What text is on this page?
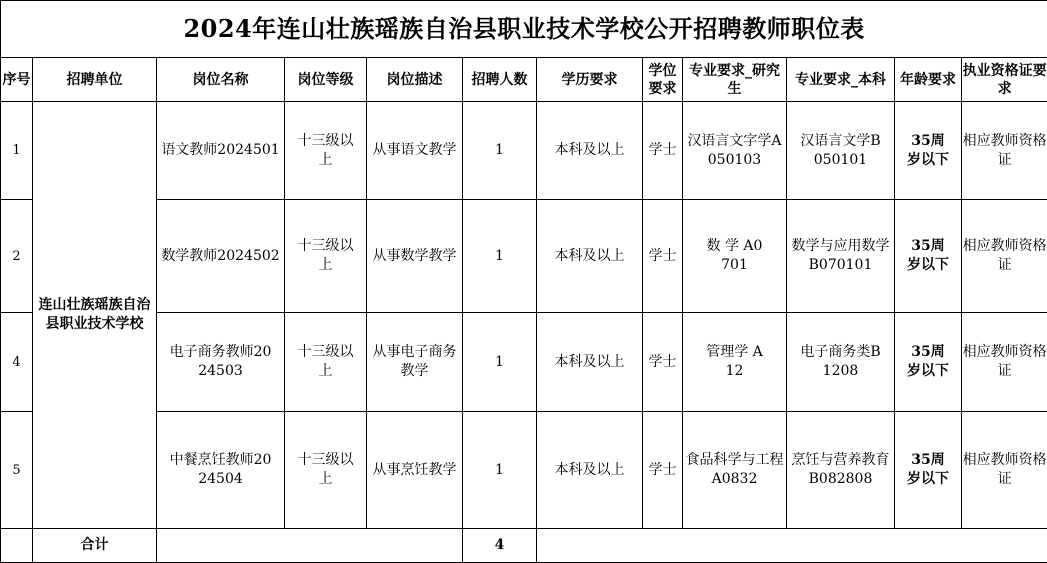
2024年连山壮族瑶族自治县职业技术学校公开招聘教师职位表											
序号	招聘单位	岗位名称	岗位等级	岗位描述	招聘人数	学历要求	学位要求	专业要求_研究生	专业要求_本科	年龄要求	执业资格证要求
1	连山壮族瑶族自治县职业技术学校	语文教师2024501	十三级以上	从事语文教学	1	本科及以上	学士	汉语言文字学A050103	汉语言文学B050101	35周岁以下	相应教师资格证
2		数学教师2024502	十三级以上	从事数学教学	1	本科及以上	学士	数 学 A0701	数学与应用数学B070101	35周岁以下	相应教师资格证
4		电子商务教师2024503	十三级以上	从事电子商务教学	1	本科及以上	学士	管理学 A12	电子商务类B1208	35周岁以下	相应教师资格证
5		中餐烹饪教师2024504	十三级以上	从事烹饪教学	1	本科及以上	学士	食品科学与工程A0832	烹饪与营养教育B082808	35周岁以下	相应教师资格证
	合计				4						
